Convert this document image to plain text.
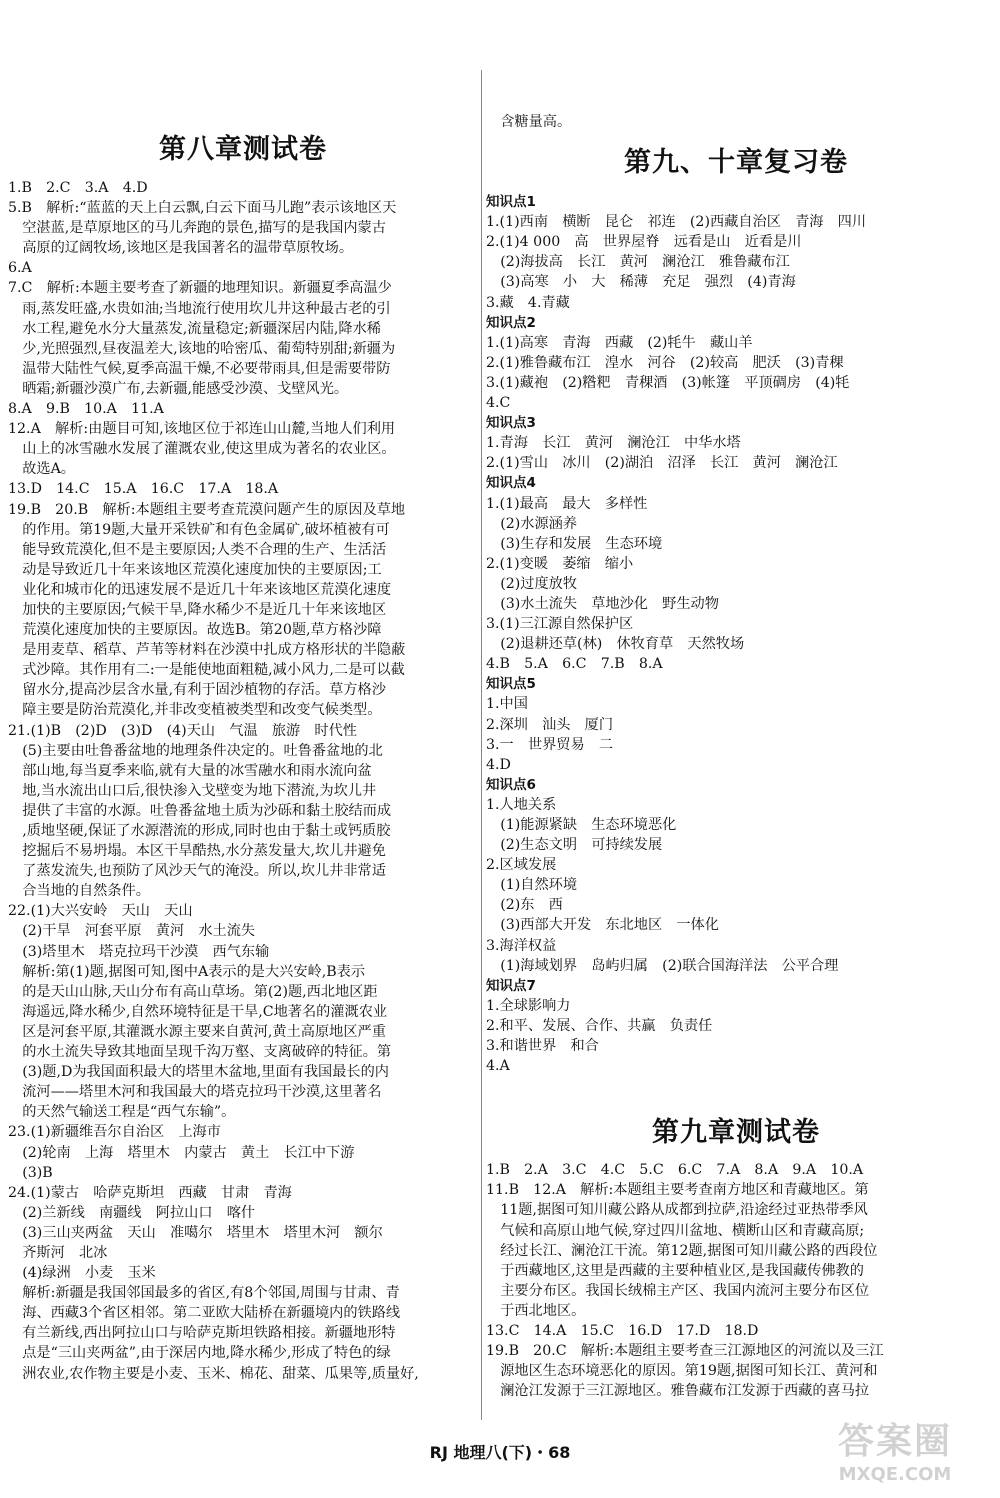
第八章测试卷
1.B　2.C　3.A　4.D
5.B　解析:“蓝蓝的天上白云飘,白云下面马儿跑”表示该地区天
　空湛蓝,是草原地区的马儿奔跑的景色,描写的是我国内蒙古
　高原的辽阔牧场,该地区是我国著名的温带草原牧场。
6.A
7.C　解析:本题主要考查了新疆的地理知识。新疆夏季高温少
　雨,蒸发旺盛,水贵如油;当地流行使用坎儿井这种最古老的引
　水工程,避免水分大量蒸发,流量稳定;新疆深居内陆,降水稀
　少,光照强烈,昼夜温差大,该地的哈密瓜、葡萄特别甜;新疆为
　温带大陆性气候,夏季高温干燥,不必要带雨具,但是需要带防
　晒霜;新疆沙漠广布,去新疆,能感受沙漠、戈壁风光。
8.A　9.B　10.A　11.A
12.A　解析:由题目可知,该地区位于祁连山山麓,当地人们利用
　山上的冰雪融水发展了灌溉农业,使这里成为著名的农业区。
　故选A。
13.D　14.C　15.A　16.C　17.A　18.A
19.B　20.B　解析:本题组主要考查荒漠问题产生的原因及草地
　的作用。第19题,大量开采铁矿和有色金属矿,破坏植被有可
　能导致荒漠化,但不是主要原因;人类不合理的生产、生活活
　动是导致近几十年来该地区荒漠化速度加快的主要原因;工
　业化和城市化的迅速发展不是近几十年来该地区荒漠化速度
　加快的主要原因;气候干旱,降水稀少不是近几十年来该地区
　荒漠化速度加快的主要原因。故选B。第20题,草方格沙障
　是用麦草、稻草、芦苇等材料在沙漠中扎成方格形状的半隐蔽
　式沙障。其作用有二:一是能使地面粗糙,减小风力,二是可以截
　留水分,提高沙层含水量,有利于固沙植物的存活。草方格沙
　障主要是防治荒漠化,并非改变植被类型和改变气候类型。
21.(1)B　(2)D　(3)D　(4)天山　气温　旅游　时代性
　(5)主要由吐鲁番盆地的地理条件决定的。吐鲁番盆地的北
　部山地,每当夏季来临,就有大量的冰雪融水和雨水流向盆
　地,当水流出山口后,很快渗入戈壁变为地下潜流,为坎儿井
　提供了丰富的水源。吐鲁番盆地土质为沙砾和黏土胶结而成
　,质地坚硬,保证了水源潜流的形成,同时也由于黏土或钙质胶
　挖掘后不易坍塌。本区干旱酷热,水分蒸发量大,坎儿井避免
　了蒸发流失,也预防了风沙天气的淹没。所以,坎儿井非常适
　合当地的自然条件。
22.(1)大兴安岭　天山　天山
　(2)干旱　河套平原　黄河　水土流失
　(3)塔里木　塔克拉玛干沙漠　西气东输
　解析:第(1)题,据图可知,图中A表示的是大兴安岭,B表示
　的是天山山脉,天山分布有高山草场。第(2)题,西北地区距
　海遥远,降水稀少,自然环境特征是干旱,C地著名的灌溉农业
　区是河套平原,其灌溉水源主要来自黄河,黄土高原地区严重
　的水土流失导致其地面呈现千沟万壑、支离破碎的特征。第
　(3)题,D为我国面积最大的塔里木盆地,里面有我国最长的内
　流河——塔里木河和我国最大的塔克拉玛干沙漠,这里著名
　的天然气输送工程是“西气东输”。
23.(1)新疆维吾尔自治区　上海市
　(2)轮南　上海　塔里木　内蒙古　黄土　长江中下游
　(3)B
24.(1)蒙古　哈萨克斯坦　西藏　甘肃　青海
　(2)兰新线　南疆线　阿拉山口　喀什
　(3)三山夹两盆　天山　准噶尔　塔里木　塔里木河　额尔
　齐斯河　北冰
　(4)绿洲　小麦　玉米
　解析:新疆是我国邻国最多的省区,有8个邻国,周围与甘肃、青
　海、西藏3个省区相邻。第二亚欧大陆桥在新疆境内的铁路线
　有兰新线,西出阿拉山口与哈萨克斯坦铁路相接。新疆地形特
　点是“三山夹两盆”,由于深居内地,降水稀少,形成了特色的绿
　洲农业,农作物主要是小麦、玉米、棉花、甜菜、瓜果等,质量好,
　含糖量高。
第九、十章复习卷
知识点1
1.(1)西南　横断　昆仑　祁连　(2)西藏自治区　青海　四川
2.(1)4 000　高　世界屋脊　远看是山　近看是川
　(2)海拔高　长江　黄河　澜沧江　雅鲁藏布江
　(3)高寒　小　大　稀薄　充足　强烈　(4)青海
3.藏　4.青藏
知识点2
1.(1)高寒　青海　西藏　(2)牦牛　藏山羊
2.(1)雅鲁藏布江　湟水　河谷　(2)较高　肥沃　(3)青稞
3.(1)藏袍　(2)糌粑　青稞酒　(3)帐篷　平顶碉房　(4)牦
4.C
知识点3
1.青海　长江　黄河　澜沧江　中华水塔
2.(1)雪山　冰川　(2)湖泊　沼泽　长江　黄河　澜沧江
知识点4
1.(1)最高　最大　多样性
　(2)水源涵养
　(3)生存和发展　生态环境
2.(1)变暖　萎缩　缩小
　(2)过度放牧
　(3)水土流失　草地沙化　野生动物
3.(1)三江源自然保护区
　(2)退耕还草(林)　休牧育草　天然牧场
4.B　5.A　6.C　7.B　8.A
知识点5
1.中国
2.深圳　汕头　厦门
3.一　世界贸易　二
4.D
知识点6
1.人地关系
　(1)能源紧缺　生态环境恶化
　(2)生态文明　可持续发展
2.区域发展
　(1)自然环境
　(2)东　西
　(3)西部大开发　东北地区　一体化
3.海洋权益
　(1)海域划界　岛屿归属　(2)联合国海洋法　公平合理
知识点7
1.全球影响力
2.和平、发展、合作、共赢　负责任
3.和谐世界　和合
4.A
第九章测试卷
1.B　2.A　3.C　4.C　5.C　6.C　7.A　8.A　9.A　10.A
11.B　12.A　解析:本题组主要考查南方地区和青藏地区。第
　11题,据图可知川藏公路从成都到拉萨,沿途经过亚热带季风
　气候和高原山地气候,穿过四川盆地、横断山区和青藏高原;
　经过长江、澜沧江干流。第12题,据图可知川藏公路的西段位
　于西藏地区,这里是西藏的主要种植业区,是我国藏传佛教的
　主要分布区。我国长绒棉主产区、我国内流河主要分布区位
　于西北地区。
13.C　14.A　15.C　16.D　17.D　18.D
19.B　20.C　解析:本题组主要考查三江源地区的河流以及三江
　源地区生态环境恶化的原因。第19题,据图可知长江、黄河和
　澜沧江发源于三江源地区。雅鲁藏布江发源于西藏的喜马拉
RJ 地理八(下)・68	答案圈
MXQE.COM
